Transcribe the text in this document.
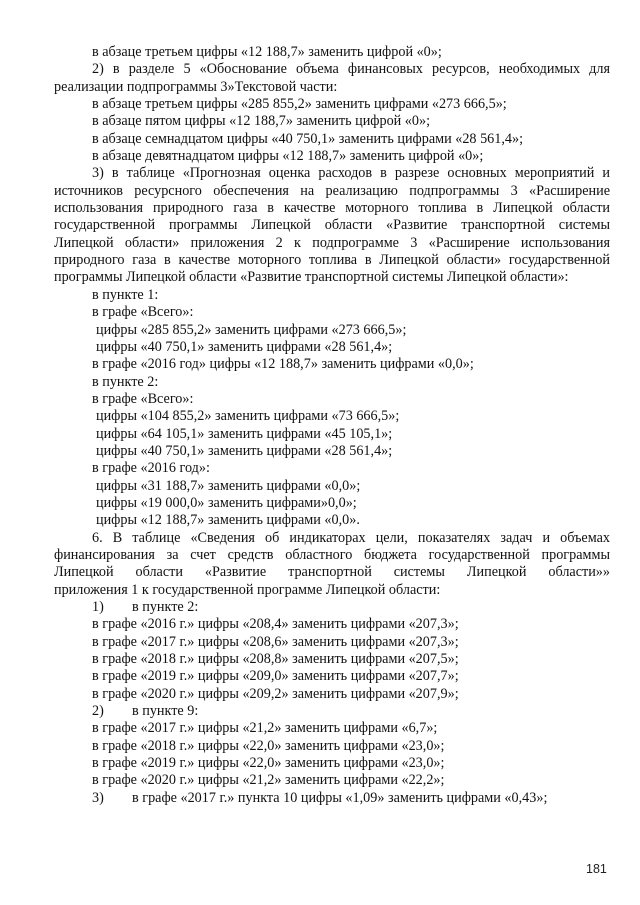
в абзаце третьем цифры «12 188,7» заменить цифрой «0»;
2) в разделе 5 «Обоснование объема финансовых ресурсов, необходимых для
реализации подпрограммы 3»Текстовой части:
в абзаце третьем цифры «285 855,2» заменить цифрами «273 666,5»;
в абзаце пятом цифры «12 188,7» заменить цифрой «0»;
в абзаце семнадцатом цифры «40 750,1» заменить цифрами «28 561,4»;
в абзаце девятнадцатом цифры «12 188,7» заменить цифрой «0»;
3) в таблице «Прогнозная оценка расходов в разрезе основных мероприятий и
источников ресурсного обеспечения на реализацию подпрограммы 3 «Расширение
использования природного газа в качестве моторного топлива в Липецкой области
государственной программы Липецкой области «Развитие транспортной системы
Липецкой области» приложения 2 к подпрограмме 3 «Расширение использования
природного газа в качестве моторного топлива в Липецкой области» государственной
программы Липецкой области «Развитие транспортной системы Липецкой области»:
в пункте 1:
в графе «Всего»:
цифры «285 855,2» заменить цифрами «273 666,5»;
цифры «40 750,1» заменить цифрами «28 561,4»;
в графе «2016 год» цифры «12 188,7» заменить цифрами «0,0»;
в пункте 2:
в графе «Всего»:
цифры «104 855,2» заменить цифрами «73 666,5»;
цифры «64 105,1» заменить цифрами «45 105,1»;
цифры «40 750,1» заменить цифрами «28 561,4»;
в графе «2016 год»:
цифры «31 188,7» заменить цифрами «0,0»;
цифры «19 000,0» заменить цифрами»0,0»;
цифры «12 188,7» заменить цифрами «0,0».
6. В таблице «Сведения об индикаторах цели, показателях задач и объемах
финансирования за счет средств областного бюджета государственной программы
Липецкой области «Развитие транспортной системы Липецкой области»»
приложения 1 к государственной программе Липецкой области:
1) в пункте 2:
в графе «2016 г.» цифры «208,4» заменить цифрами «207,3»;
в графе «2017 г.» цифры «208,6» заменить цифрами «207,3»;
в графе «2018 г.» цифры «208,8» заменить цифрами «207,5»;
в графе «2019 г.» цифры «209,0» заменить цифрами «207,7»;
в графе «2020 г.» цифры «209,2» заменить цифрами «207,9»;
2) в пункте 9:
в графе «2017 г.» цифры «21,2» заменить цифрами «6,7»;
в графе «2018 г.» цифры «22,0» заменить цифрами «23,0»;
в графе «2019 г.» цифры «22,0» заменить цифрами «23,0»;
в графе «2020 г.» цифры «21,2» заменить цифрами «22,2»;
3) в графе «2017 г.» пункта 10 цифры «1,09» заменить цифрами «0,43»;
181
